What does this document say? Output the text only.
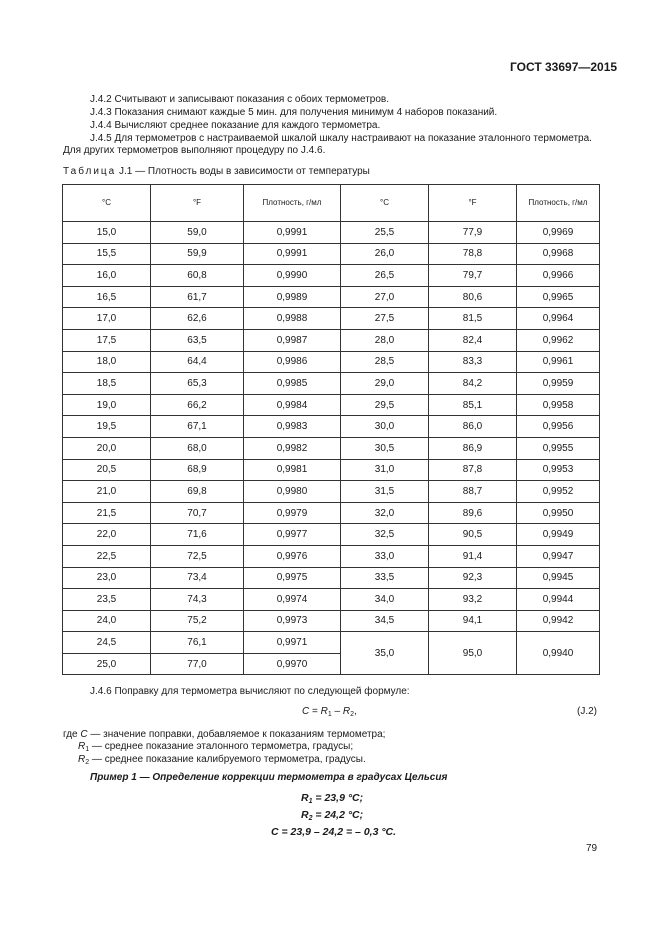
ГОСТ 33697—2015
J.4.2 Считывают и записывают показания с обоих термометров.
J.4.3 Показания снимают каждые 5 мин. для получения минимум 4 наборов показаний.
J.4.4 Вычисляют среднее показание для каждого термометра.
J.4.5 Для термометров с настраиваемой шкалой шкалу настраивают на показание эталонного термометра.
Для других термометров выполняют процедуру по J.4.6.
Таблица J.1 — Плотность воды в зависимости от температуры
°C	°F	Плотность, г/мл	°C	°F	Плотность, г/мл
15,0	59,0	0,9991	25,5	77,9	0,9969
15,5	59,9	0,9991	26,0	78,8	0,9968
16,0	60,8	0,9990	26,5	79,7	0,9966
16,5	61,7	0,9989	27,0	80,6	0,9965
17,0	62,6	0,9988	27,5	81,5	0,9964
17,5	63,5	0,9987	28,0	82,4	0,9962
18,0	64,4	0,9986	28,5	83,3	0,9961
18,5	65,3	0,9985	29,0	84,2	0,9959
19,0	66,2	0,9984	29,5	85,1	0,9958
19,5	67,1	0,9983	30,0	86,0	0,9956
20,0	68,0	0,9982	30,5	86,9	0,9955
20,5	68,9	0,9981	31,0	87,8	0,9953
21,0	69,8	0,9980	31,5	88,7	0,9952
21,5	70,7	0,9979	32,0	89,6	0,9950
22,0	71,6	0,9977	32,5	90,5	0,9949
22,5	72,5	0,9976	33,0	91,4	0,9947
23,0	73,4	0,9975	33,5	92,3	0,9945
23,5	74,3	0,9974	34,0	93,2	0,9944
24,0	75,2	0,9973	34,5	94,1	0,9942
24,5	76,1	0,9971	35,0	95,0	0,9940
25,0	77,0	0,9970			
J.4.6 Поправку для термометра вычисляют по следующей формуле:
$C = R_1 - R_2$,	(J.2)
где C — значение поправки, добавляемое к показаниям термометра;
$R_1$ — среднее показание эталонного термометра, градусы;
$R_2$ — среднее показание калибруемого термометра, градусы.
Пример 1 — Определение коррекции термометра в градусах Цельсия
$R_1 = 23,9$ °C;
$R_2 = 24,2$ °C;
C = 23,9 – 24,2 = – 0,3 °C.
79
